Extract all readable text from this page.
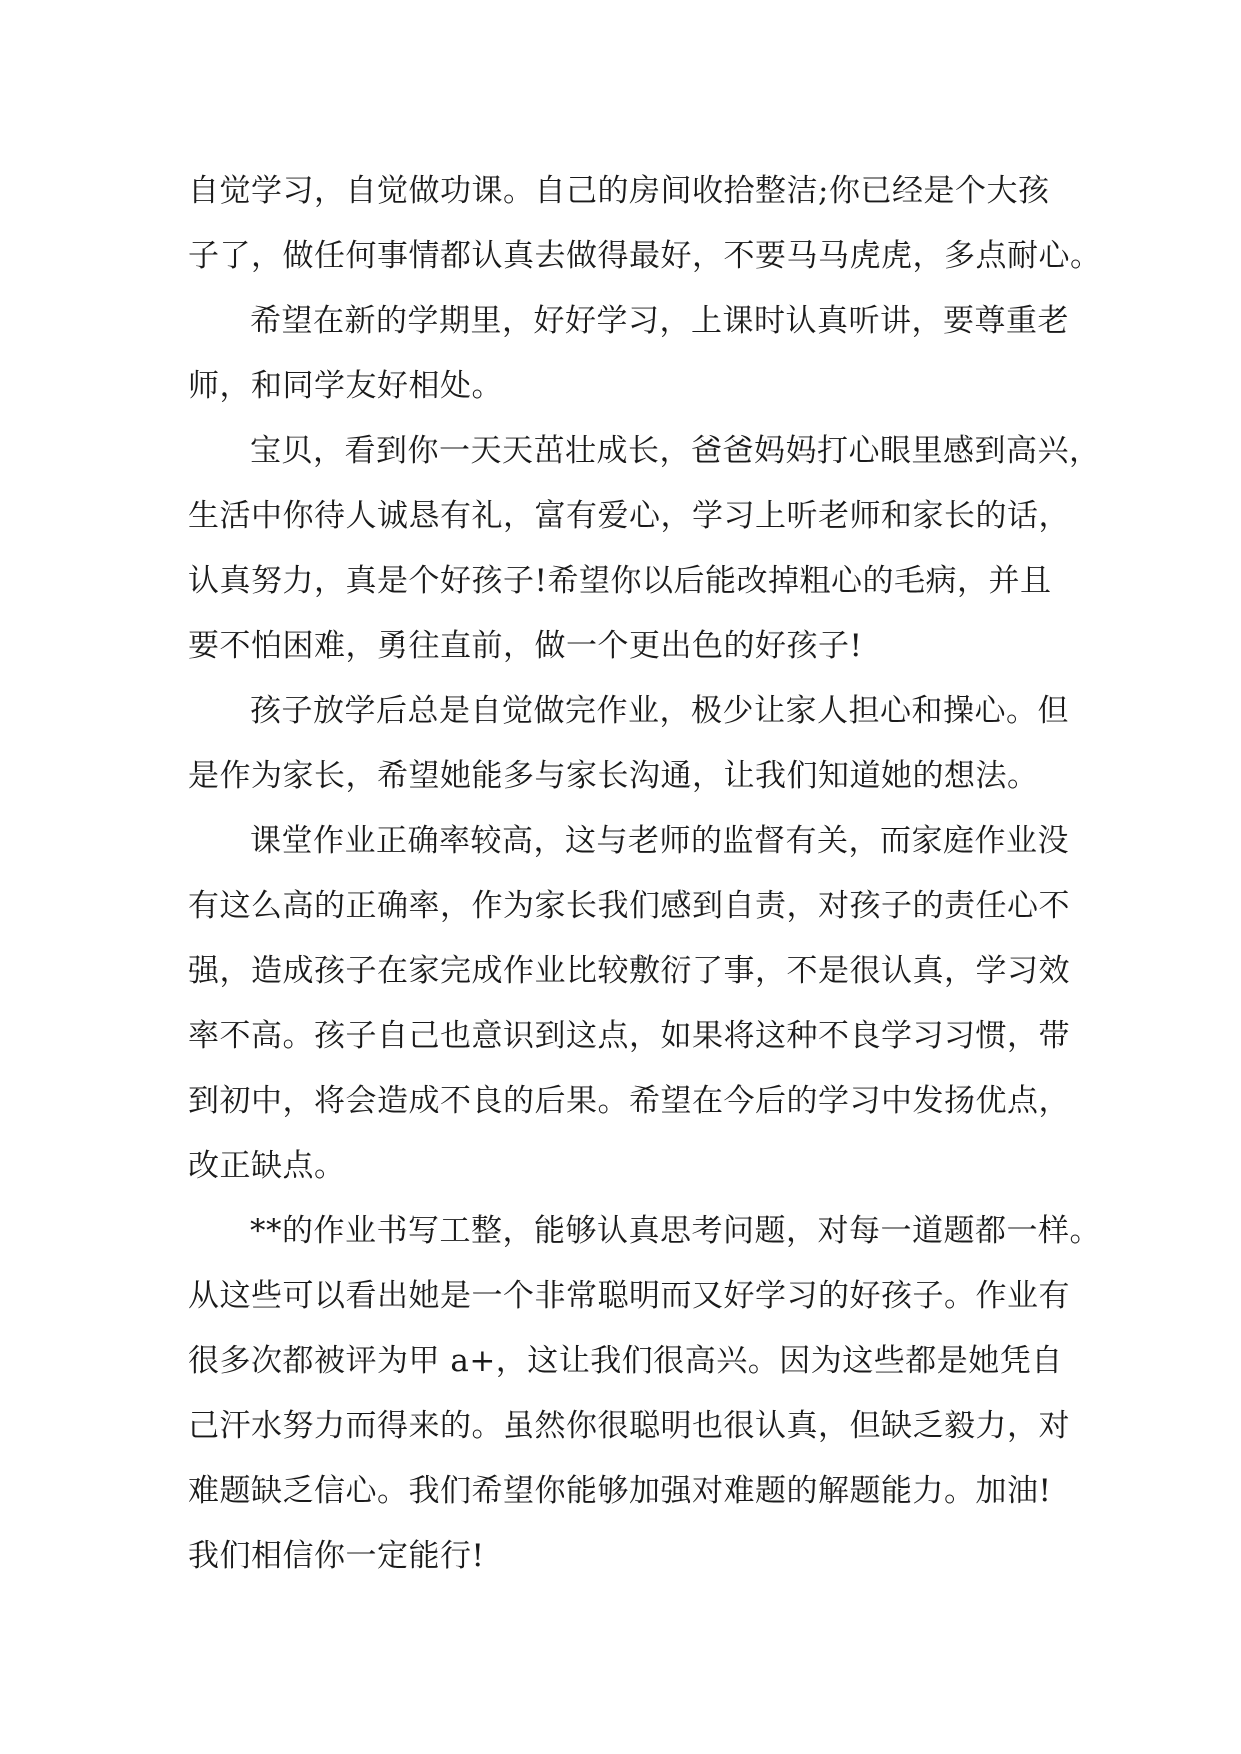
自觉学习，自觉做功课。自己的房间收拾整洁;你已经是个大孩
子了，做任何事情都认真去做得最好，不要马马虎虎，多点耐心。
希望在新的学期里，好好学习，上课时认真听讲，要尊重老
师，和同学友好相处。
宝贝，看到你一天天茁壮成长，爸爸妈妈打心眼里感到高兴，
生活中你待人诚恳有礼，富有爱心，学习上听老师和家长的话，
认真努力，真是个好孩子!希望你以后能改掉粗心的毛病，并且
要不怕困难，勇往直前，做一个更出色的好孩子!
孩子放学后总是自觉做完作业，极少让家人担心和操心。但
是作为家长，希望她能多与家长沟通，让我们知道她的想法。
课堂作业正确率较高，这与老师的监督有关，而家庭作业没
有这么高的正确率，作为家长我们感到自责，对孩子的责任心不
强，造成孩子在家完成作业比较敷衍了事，不是很认真，学习效
率不高。孩子自己也意识到这点，如果将这种不良学习习惯，带
到初中，将会造成不良的后果。希望在今后的学习中发扬优点，
改正缺点。
**的作业书写工整，能够认真思考问题，对每一道题都一样。
从这些可以看出她是一个非常聪明而又好学习的好孩子。作业有
很多次都被评为甲 a+，这让我们很高兴。因为这些都是她凭自
己汗水努力而得来的。虽然你很聪明也很认真，但缺乏毅力，对
难题缺乏信心。我们希望你能够加强对难题的解题能力。加油!
我们相信你一定能行!
